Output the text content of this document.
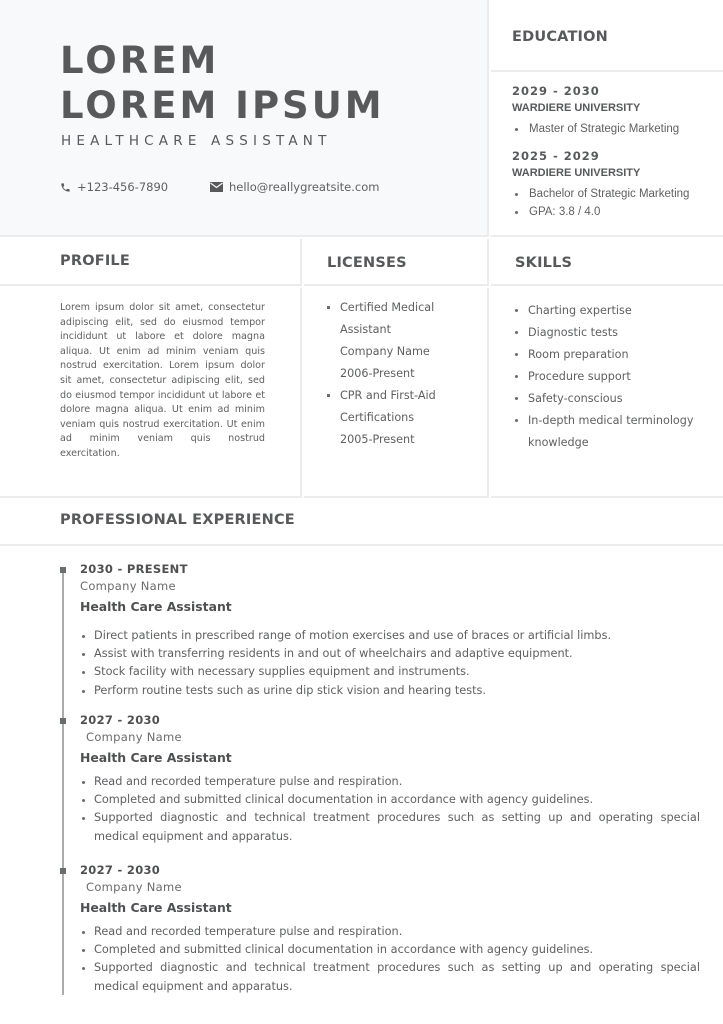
LOREM
LOREM IPSUM
HEALTHCARE ASSISTANT
+123-456-7890	hello@reallygreatsite.com
EDUCATION
2029 - 2030
WARDIERE UNIVERSITY
Master of Strategic Marketing
2025 - 2029
WARDIERE UNIVERSITY
Bachelor of Strategic Marketing
GPA: 3.8 / 4.0
PROFILE	LICENSES	SKILLS

Lorem ipsum dolor sit amet, consectetur adipiscing elit, sed do eiusmod tempor incididunt ut labore et dolore magna aliqua. Ut enim ad minim veniam quis nostrud exercitation. Lorem ipsum dolor sit amet, consectetur adipiscing elit, sed do eiusmod tempor incididunt ut labore et dolore magna aliqua. Ut enim ad minim veniam quis nostrud exercitation. Ut enim ad minim veniam quis nostrud exercitation.

Certified Medical Assistant
Company Name
2006-Present
CPR and First-Aid Certifications
2005-Present
Charting expertise
Diagnostic tests
Room preparation
Procedure support
Safety-conscious
In-depth medical terminology knowledge
PROFESSIONAL EXPERIENCE
2030 - PRESENT
Company Name
Health Care Assistant
Direct patients in prescribed range of motion exercises and use of braces or artificial limbs.
Assist with transferring residents in and out of wheelchairs and adaptive equipment.
Stock facility with necessary supplies equipment and instruments.
Perform routine tests such as urine dip stick vision and hearing tests.
2027 - 2030
Company Name
Health Care Assistant
Read and recorded temperature pulse and respiration.
Completed and submitted clinical documentation in accordance with agency guidelines.
Supported diagnostic and technical treatment procedures such as setting up and operating special medical equipment and apparatus.
2027 - 2030
Company Name
Health Care Assistant
Read and recorded temperature pulse and respiration.
Completed and submitted clinical documentation in accordance with agency guidelines.
Supported diagnostic and technical treatment procedures such as setting up and operating special medical equipment and apparatus.
